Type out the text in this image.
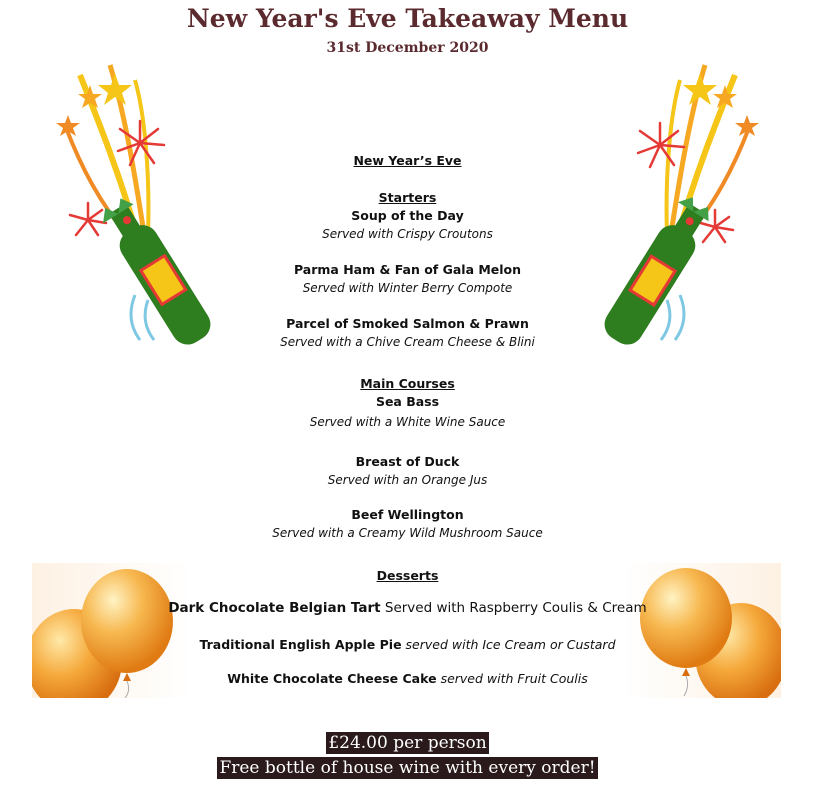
New Year's Eve Takeaway Menu
31st December 2020
New Year’s Eve
Starters
Soup of the Day
Served with Crispy Croutons
Parma Ham & Fan of Gala Melon
Served with Winter Berry Compote
Parcel of Smoked Salmon & Prawn
Served with a Chive Cream Cheese & Blini
Main Courses
Sea Bass
Served with a White Wine Sauce
Breast of Duck
Served with an Orange Jus
Beef Wellington
Served with a Creamy Wild Mushroom Sauce
Desserts
Dark Chocolate Belgian Tart Served with Raspberry Coulis & Cream
Traditional English Apple Pie served with Ice Cream or Custard
White Chocolate Cheese Cake served with Fruit Coulis
£24.00 per person
Free bottle of house wine with every order!
